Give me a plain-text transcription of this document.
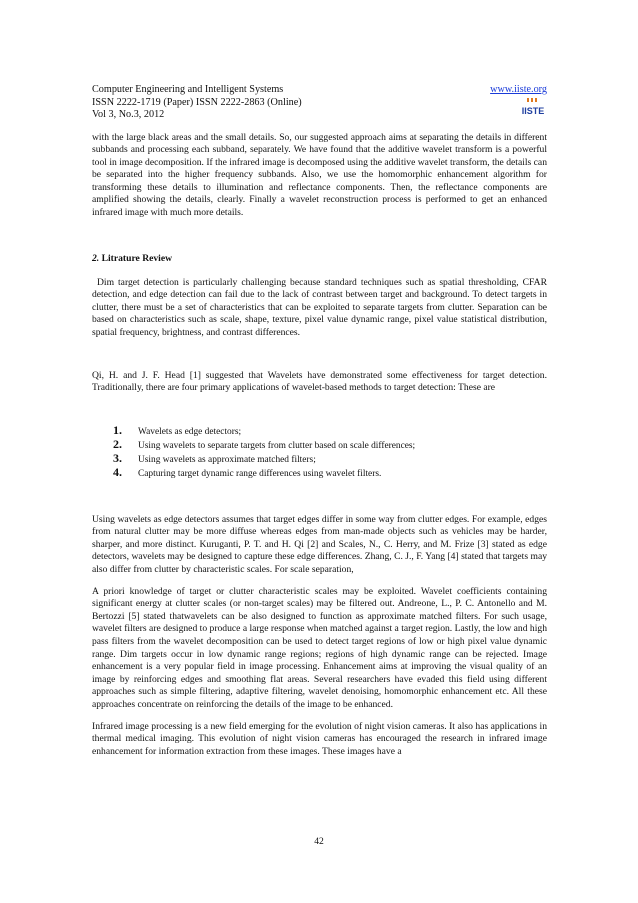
Computer Engineering and Intelligent Systems
ISSN 2222-1719 (Paper) ISSN 2222-2863 (Online)
Vol 3, No.3, 2012
www.iiste.org
IISTE

with the large black areas and the small details. So, our suggested approach aims at separating the details in different subbands and processing each subband, separately. We have found that the additive wavelet transform is a powerful tool in image decomposition. If the infrared image is decomposed using the additive wavelet transform, the details can be separated into the higher frequency subbands. Also, we use the homomorphic enhancement algorithm for transforming these details to illumination and reflectance components. Then, the reflectance components are amplified showing the details, clearly. Finally a wavelet reconstruction process is performed to get an enhanced infrared image with much more details.

2. Litrature Review

Dim target detection is particularly challenging because standard techniques such as spatial thresholding, CFAR detection, and edge detection can fail due to the lack of contrast between target and background. To detect targets in clutter, there must be a set of characteristics that can be exploited to separate targets from clutter. Separation can be based on characteristics such as scale, shape, texture, pixel value dynamic range, pixel value statistical distribution, spatial frequency, brightness, and contrast differences.

Qi, H. and J. F. Head [1] suggested that Wavelets have demonstrated some effectiveness for target detection. Traditionally, there are four primary applications of wavelet-based methods to target detection: These are

1.	Wavelets as edge detectors;
2.	Using wavelets to separate targets from clutter based on scale differences;
3.	Using wavelets as approximate matched filters;
4.	Capturing target dynamic range differences using wavelet filters.

Using wavelets as edge detectors assumes that target edges differ in some way from clutter edges. For example, edges from natural clutter may be more diffuse whereas edges from man-made objects such as vehicles may be harder, sharper, and more distinct. Kuruganti, P. T. and H. Qi [2] and Scales, N., C. Herry, and M. Frize [3] stated as edge detectors, wavelets may be designed to capture these edge differences. Zhang, C. J., F. Yang [4] stated that targets may also differ from clutter by characteristic scales. For scale separation,

A priori knowledge of target or clutter characteristic scales may be exploited. Wavelet coefficients containing significant energy at clutter scales (or non-target scales) may be filtered out. Andreone, L., P. C. Antonello and M. Bertozzi [5] stated thatwavelets can be also designed to function as approximate matched filters. For such usage, wavelet filters are designed to produce a large response when matched against a target region. Lastly, the low and high pass filters from the wavelet decomposition can be used to detect target regions of low or high pixel value dynamic range. Dim targets occur in low dynamic range regions; regions of high dynamic range can be rejected. Image enhancement is a very popular field in image processing. Enhancement aims at improving the visual quality of an image by reinforcing edges and smoothing flat areas. Several researchers have evaded this field using different approaches such as simple filtering, adaptive filtering, wavelet denoising, homomorphic enhancement etc. All these approaches concentrate on reinforcing the details of the image to be enhanced.

Infrared image processing is a new field emerging for the evolution of night vision cameras. It also has applications in thermal medical imaging. This evolution of night vision cameras has encouraged the research in infrared image enhancement for information extraction from these images. These images have a

42
